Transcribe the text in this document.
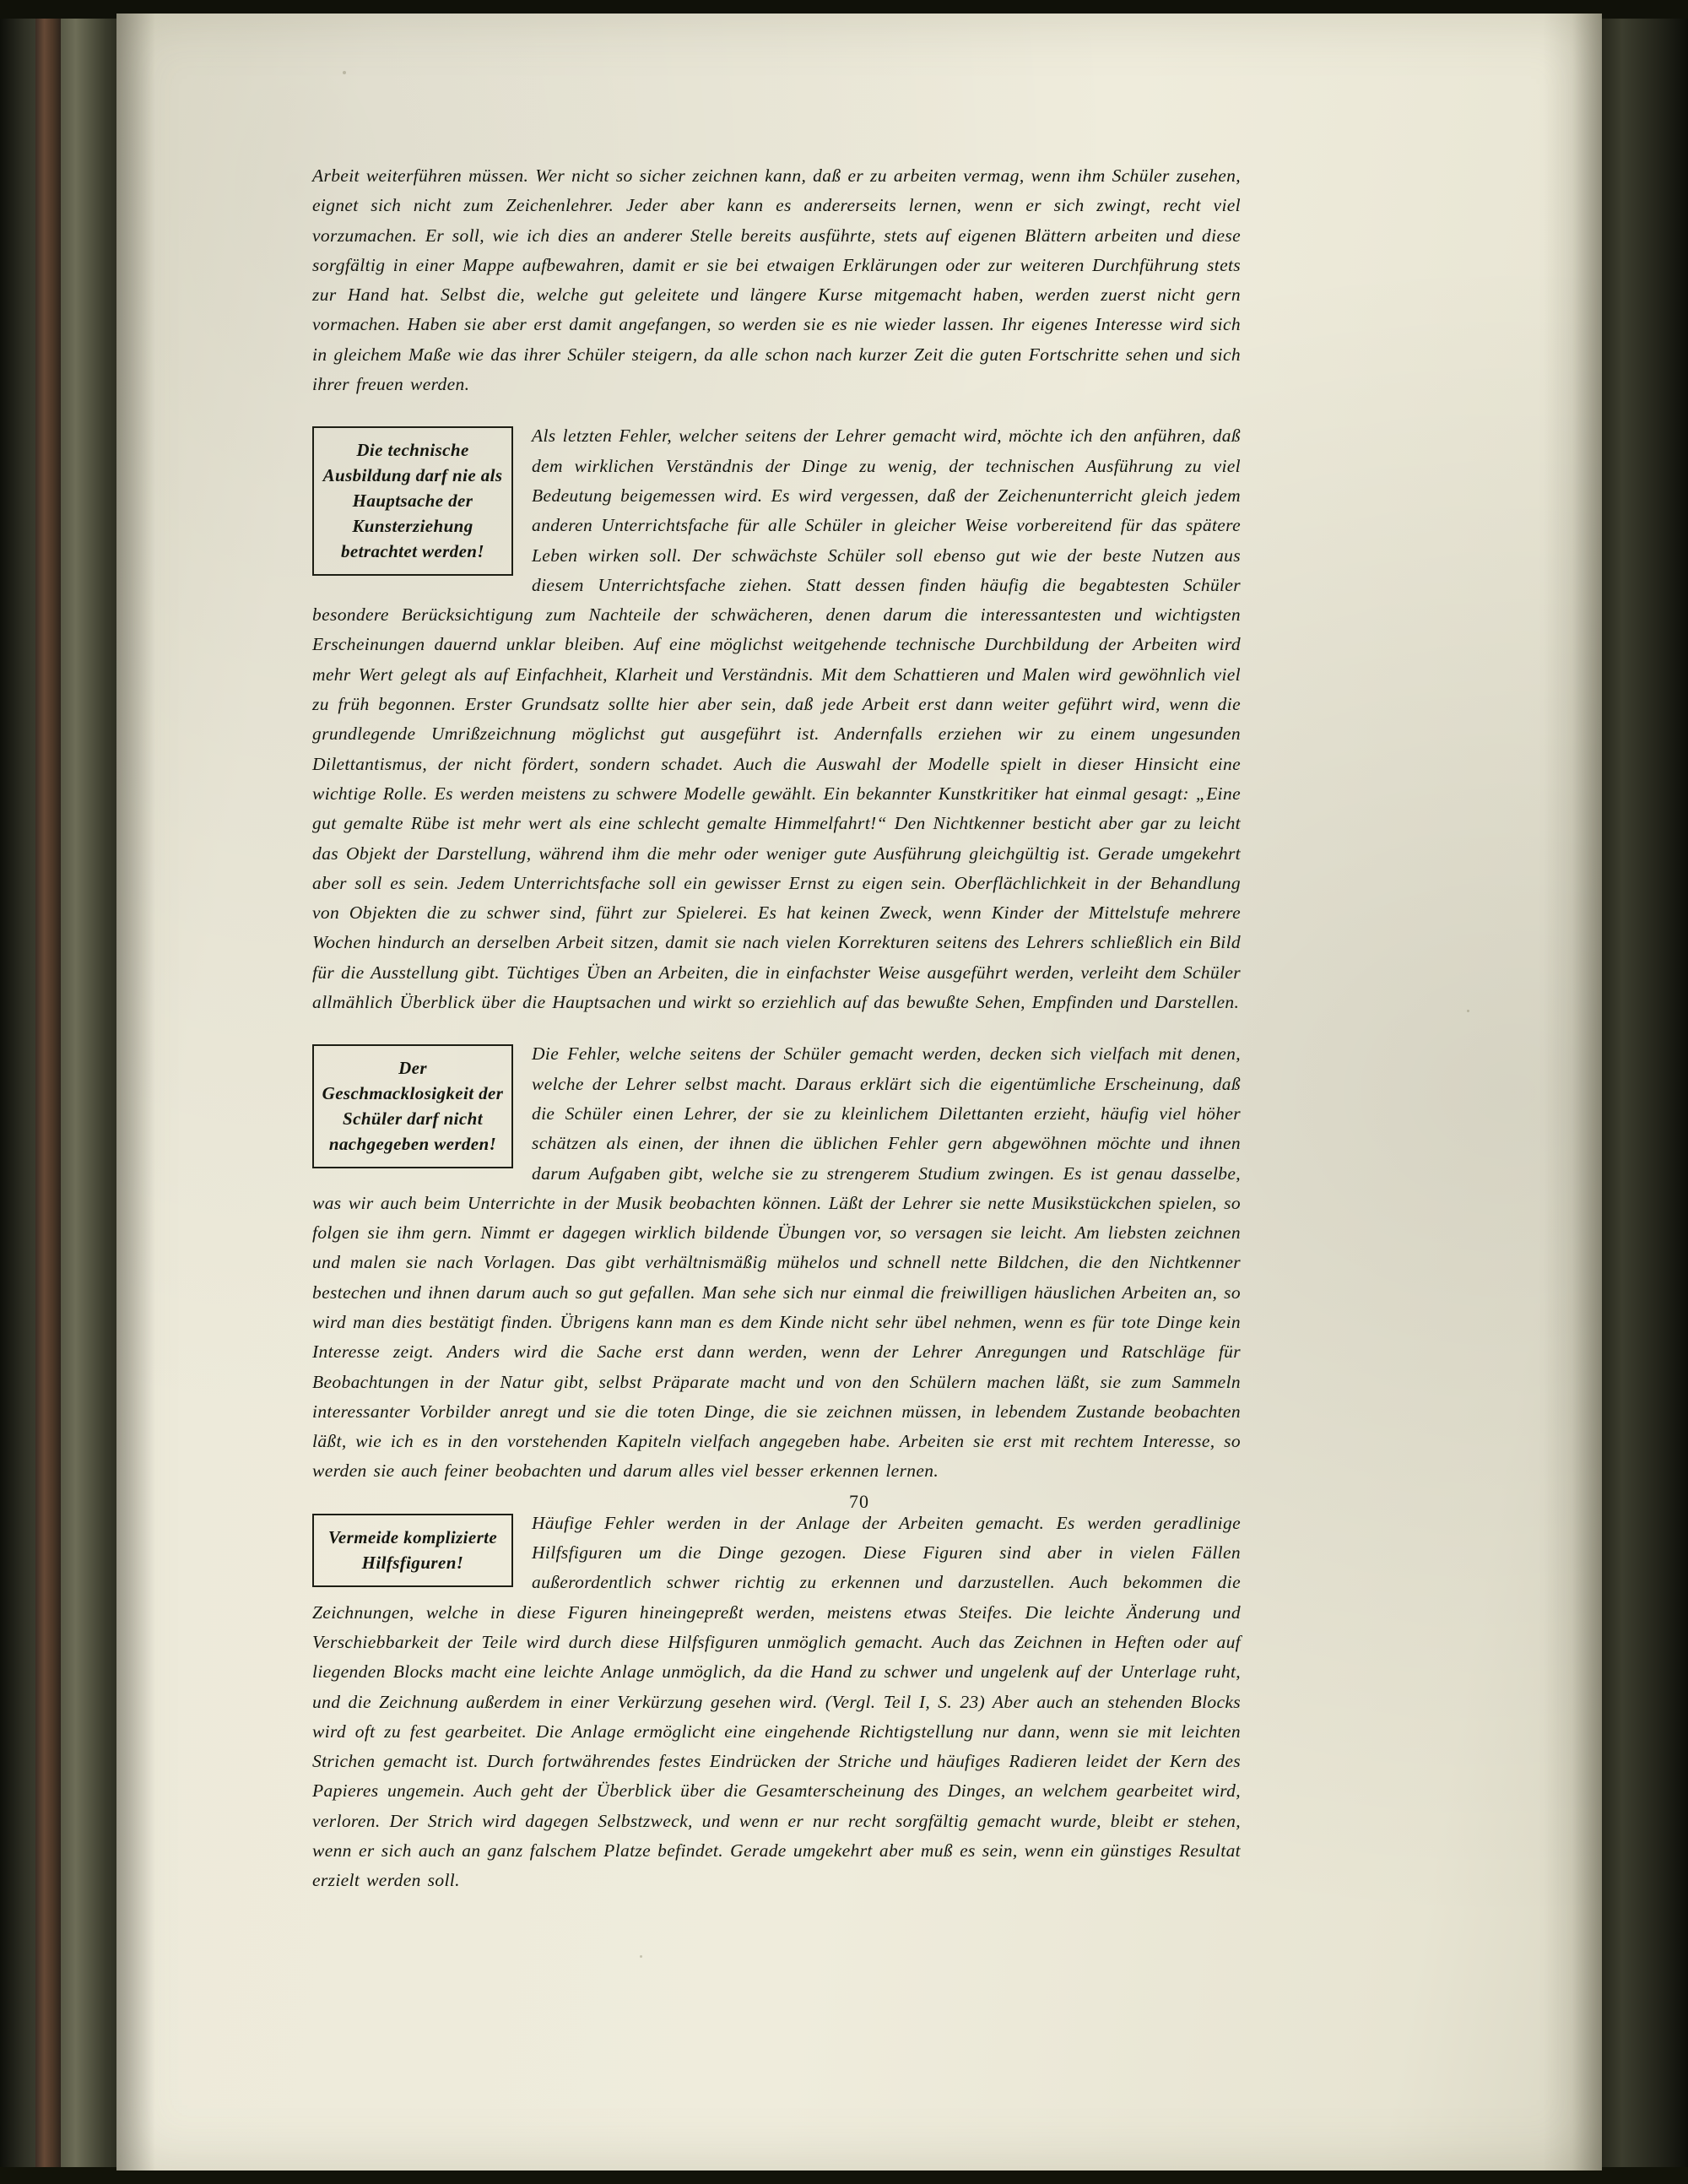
Arbeit weiterführen müssen. Wer nicht so sicher zeichnen kann, daß er zu arbeiten vermag, wenn ihm Schüler zusehen, eignet sich nicht zum Zeichenlehrer. Jeder aber kann es andererseits lernen, wenn er sich zwingt, recht viel vorzumachen. Er soll, wie ich dies an anderer Stelle bereits ausführte, stets auf eigenen Blättern arbeiten und diese sorgfältig in einer Mappe aufbewahren, damit er sie bei etwaigen Erklärungen oder zur weiteren Durchführung stets zur Hand hat. Selbst die, welche gut geleitete und längere Kurse mitgemacht haben, werden zuerst nicht gern vormachen. Haben sie aber erst damit angefangen, so werden sie es nie wieder lassen. Ihr eigenes Interesse wird sich in gleichem Maße wie das ihrer Schüler steigern, da alle schon nach kurzer Zeit die guten Fortschritte sehen und sich ihrer freuen werden.

Die technische Ausbildung darf nie als Hauptsache der Kunsterziehung betrachtet werden!

Als letzten Fehler, welcher seitens der Lehrer gemacht wird, möchte ich den anführen, daß dem wirklichen Verständnis der Dinge zu wenig, der technischen Ausführung zu viel Bedeutung beigemessen wird. Es wird vergessen, daß der Zeichenunterricht gleich jedem anderen Unterrichtsfache für alle Schüler in gleicher Weise vorbereitend für das spätere Leben wirken soll. Der schwächste Schüler soll ebenso gut wie der beste Nutzen aus diesem Unterrichtsfache ziehen. Statt dessen finden häufig die begabtesten Schüler besondere Berücksichtigung zum Nachteile der schwächeren, denen darum die interessantesten und wichtigsten Erscheinungen dauernd unklar bleiben. Auf eine möglichst weitgehende technische Durchbildung der Arbeiten wird mehr Wert gelegt als auf Einfachheit, Klarheit und Verständnis. Mit dem Schattieren und Malen wird gewöhnlich viel zu früh begonnen. Erster Grundsatz sollte hier aber sein, daß jede Arbeit erst dann weiter geführt wird, wenn die grundlegende Umrißzeichnung möglichst gut ausgeführt ist. Andernfalls erziehen wir zu einem ungesunden Dilettantismus, der nicht fördert, sondern schadet. Auch die Auswahl der Modelle spielt in dieser Hinsicht eine wichtige Rolle. Es werden meistens zu schwere Modelle gewählt. Ein bekannter Kunstkritiker hat einmal gesagt: „Eine gut gemalte Rübe ist mehr wert als eine schlecht gemalte Himmelfahrt!“ Den Nichtkenner besticht aber gar zu leicht das Objekt der Darstellung, während ihm die mehr oder weniger gute Ausführung gleichgültig ist. Gerade umgekehrt aber soll es sein. Jedem Unterrichtsfache soll ein gewisser Ernst zu eigen sein. Oberflächlichkeit in der Behandlung von Objekten die zu schwer sind, führt zur Spielerei. Es hat keinen Zweck, wenn Kinder der Mittelstufe mehrere Wochen hindurch an derselben Arbeit sitzen, damit sie nach vielen Korrekturen seitens des Lehrers schließlich ein Bild für die Ausstellung gibt. Tüchtiges Üben an Arbeiten, die in einfachster Weise ausgeführt werden, verleiht dem Schüler allmählich Überblick über die Hauptsachen und wirkt so erziehlich auf das bewußte Sehen, Empfinden und Darstellen.

Der Geschmacklosigkeit der Schüler darf nicht nachgegeben werden!

Die Fehler, welche seitens der Schüler gemacht werden, decken sich vielfach mit denen, welche der Lehrer selbst macht. Daraus erklärt sich die eigentümliche Erscheinung, daß die Schüler einen Lehrer, der sie zu kleinlichem Dilettanten erzieht, häufig viel höher schätzen als einen, der ihnen die üblichen Fehler gern abgewöhnen möchte und ihnen darum Aufgaben gibt, welche sie zu strengerem Studium zwingen. Es ist genau dasselbe, was wir auch beim Unterrichte in der Musik beobachten können. Läßt der Lehrer sie nette Musikstückchen spielen, so folgen sie ihm gern. Nimmt er dagegen wirklich bildende Übungen vor, so versagen sie leicht. Am liebsten zeichnen und malen sie nach Vorlagen. Das gibt verhältnismäßig mühelos und schnell nette Bildchen, die den Nichtkenner bestechen und ihnen darum auch so gut gefallen. Man sehe sich nur einmal die freiwilligen häuslichen Arbeiten an, so wird man dies bestätigt finden. Übrigens kann man es dem Kinde nicht sehr übel nehmen, wenn es für tote Dinge kein Interesse zeigt. Anders wird die Sache erst dann werden, wenn der Lehrer Anregungen und Ratschläge für Beobachtungen in der Natur gibt, selbst Präparate macht und von den Schülern machen läßt, sie zum Sammeln interessanter Vorbilder anregt und sie die toten Dinge, die sie zeichnen müssen, in lebendem Zustande beobachten läßt, wie ich es in den vorstehenden Kapiteln vielfach angegeben habe. Arbeiten sie erst mit rechtem Interesse, so werden sie auch feiner beobachten und darum alles viel besser erkennen lernen.

Vermeide komplizierte Hilfsfiguren!

Häufige Fehler werden in der Anlage der Arbeiten gemacht. Es werden geradlinige Hilfsfiguren um die Dinge gezogen. Diese Figuren sind aber in vielen Fällen außerordentlich schwer richtig zu erkennen und darzustellen. Auch bekommen die Zeichnungen, welche in diese Figuren hineingepreßt werden, meistens etwas Steifes. Die leichte Änderung und Verschiebbarkeit der Teile wird durch diese Hilfsfiguren unmöglich gemacht. Auch das Zeichnen in Heften oder auf liegenden Blocks macht eine leichte Anlage unmöglich, da die Hand zu schwer und ungelenk auf der Unterlage ruht, und die Zeichnung außerdem in einer Verkürzung gesehen wird. (Vergl. Teil I, S. 23) Aber auch an stehenden Blocks wird oft zu fest gearbeitet. Die Anlage ermöglicht eine eingehende Richtigstellung nur dann, wenn sie mit leichten Strichen gemacht ist. Durch fortwährendes festes Eindrücken der Striche und häufiges Radieren leidet der Kern des Papieres ungemein. Auch geht der Überblick über die Gesamterscheinung des Dinges, an welchem gearbeitet wird, verloren. Der Strich wird dagegen Selbstzweck, und wenn er nur recht sorgfältig gemacht wurde, bleibt er stehen, wenn er sich auch an ganz falschem Platze befindet. Gerade umgekehrt aber muß es sein, wenn ein günstiges Resultat erzielt werden soll.

70
